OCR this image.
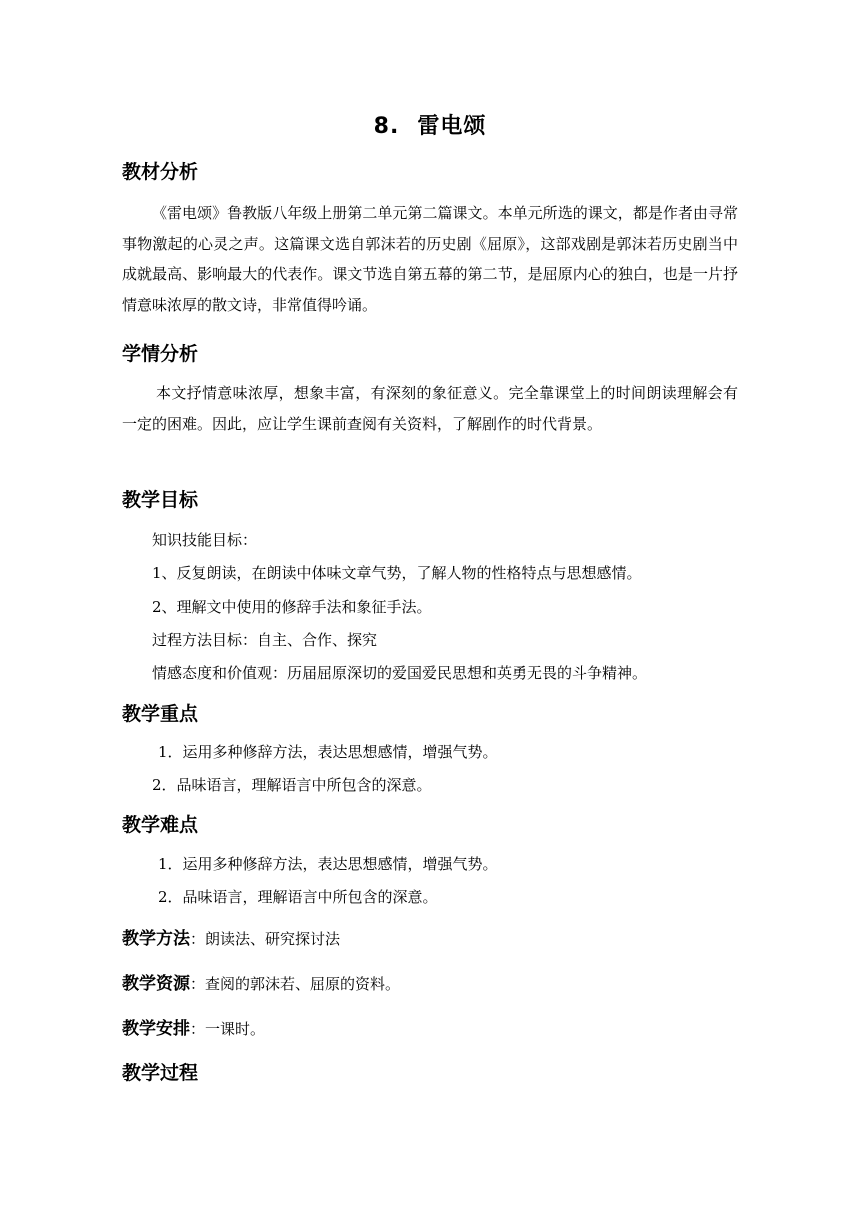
8. 雷电颂
教材分析

《雷电颂》鲁教版八年级上册第二单元第二篇课文。本单元所选的课文，都是作者由寻常事物激起的心灵之声。这篇课文选自郭沫若的历史剧《屈原》，这部戏剧是郭沫若历史剧当中成就最高、影响最大的代表作。课文节选自第五幕的第二节，是屈原内心的独白，也是一片抒情意味浓厚的散文诗，非常值得吟诵。

学情分析

本文抒情意味浓厚，想象丰富，有深刻的象征意义。完全靠课堂上的时间朗读理解会有一定的困难。因此，应让学生课前查阅有关资料，了解剧作的时代背景。

教学目标
知识技能目标：
1、反复朗读，在朗读中体味文章气势，了解人物的性格特点与思想感情。
2、理解文中使用的修辞手法和象征手法。
过程方法目标：自主、合作、探究
情感态度和价值观：历届屈原深切的爱国爱民思想和英勇无畏的斗争精神。
教学重点
1．运用多种修辞方法，表达思想感情，增强气势。
2．品味语言，理解语言中所包含的深意。
教学难点
1．运用多种修辞方法，表达思想感情，增强气势。
2．品味语言，理解语言中所包含的深意。
教学方法：朗读法、研究探讨法
教学资源：查阅的郭沫若、屈原的资料。
教学安排：一课时。
教学过程
